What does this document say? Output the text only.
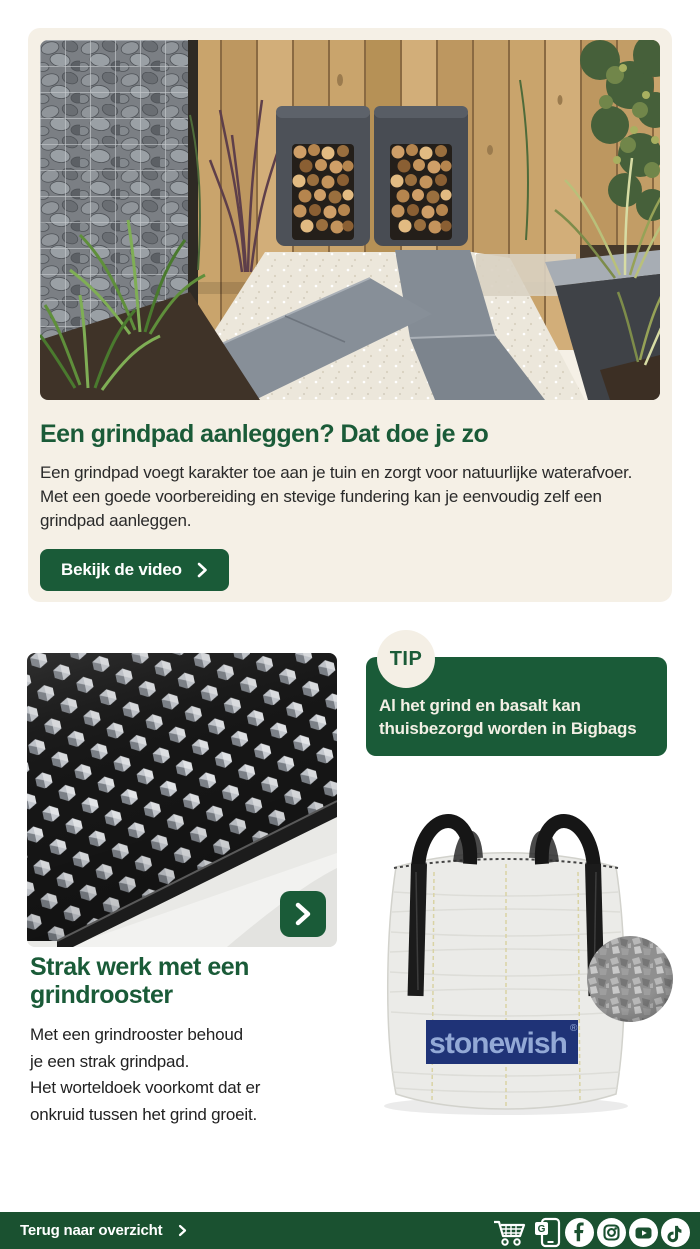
Een grindpad aanleggen? Dat doe je zo
Een grindpad voegt karakter toe aan je tuin en zorgt voor natuurlijke waterafvoer. Met een goede voorbereiding en stevige fundering kan je eenvoudig zelf een grindpad aanleggen.
Bekijk de video
TIP
Al het grind en basalt kan thuisbezorgd worden in Bigbags
stonewish ®
Strak werk met een grindrooster
Met een grindrooster behoud
je een strak grindpad.
Het worteldoek voorkomt dat er
onkruid tussen het grind groeit.
Terug naar overzicht	G
